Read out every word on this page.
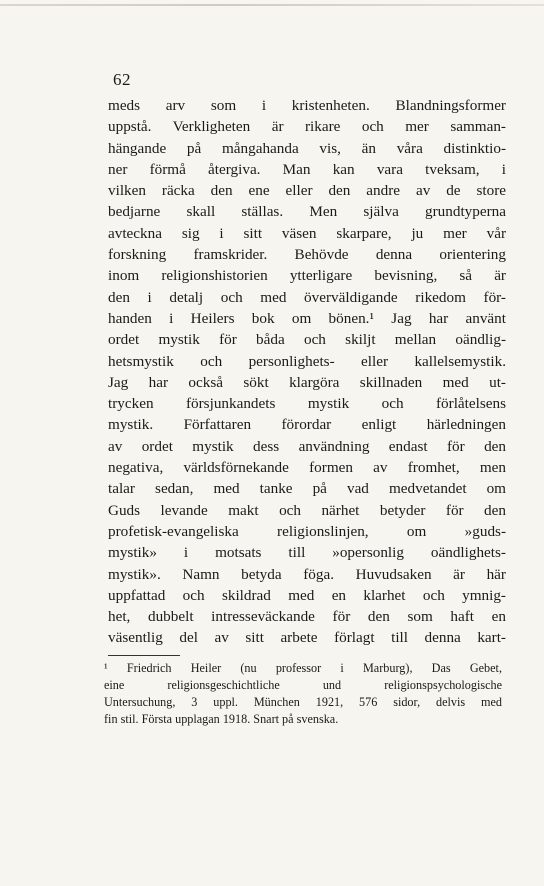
62
meds arv som i kristenheten. Blandningsformer
uppstå. Verkligheten är rikare och mer samman-
hängande på mångahanda vis, än våra distinktio-
ner förmå återgiva. Man kan vara tveksam, i
vilken räcka den ene eller den andre av de store
bedjarne skall ställas. Men själva grundtyperna
avteckna sig i sitt väsen skarpare, ju mer vår
forskning framskrider. Behövde denna orientering
inom religionshistorien ytterligare bevisning, så är
den i detalj och med överväldigande rikedom för-
handen i Heilers bok om bönen.¹ Jag har använt
ordet mystik för båda och skiljt mellan oändlig-
hetsmystik och personlighets- eller kallelsemystik.
Jag har också sökt klargöra skillnaden med ut-
trycken försjunkandets mystik och förlåtelsens
mystik. Författaren förordar enligt härledningen
av ordet mystik dess användning endast för den
negativa, världsförnekande formen av fromhet, men
talar sedan, med tanke på vad medvetandet om
Guds levande makt och närhet betyder för den
profetisk-evangeliska religionslinjen, om »guds-
mystik» i motsats till »opersonlig oändlighets-
mystik». Namn betyda föga. Huvudsaken är här
uppfattad och skildrad med en klarhet och ymnig-
het, dubbelt intresseväckande för den som haft en
väsentlig del av sitt arbete förlagt till denna kart-
¹ Friedrich Heiler (nu professor i Marburg), Das Gebet,
eine religionsgeschichtliche und religionspsychologische
Untersuchung, 3 uppl. München 1921, 576 sidor, delvis med
fin stil. Första upplagan 1918. Snart på svenska.
